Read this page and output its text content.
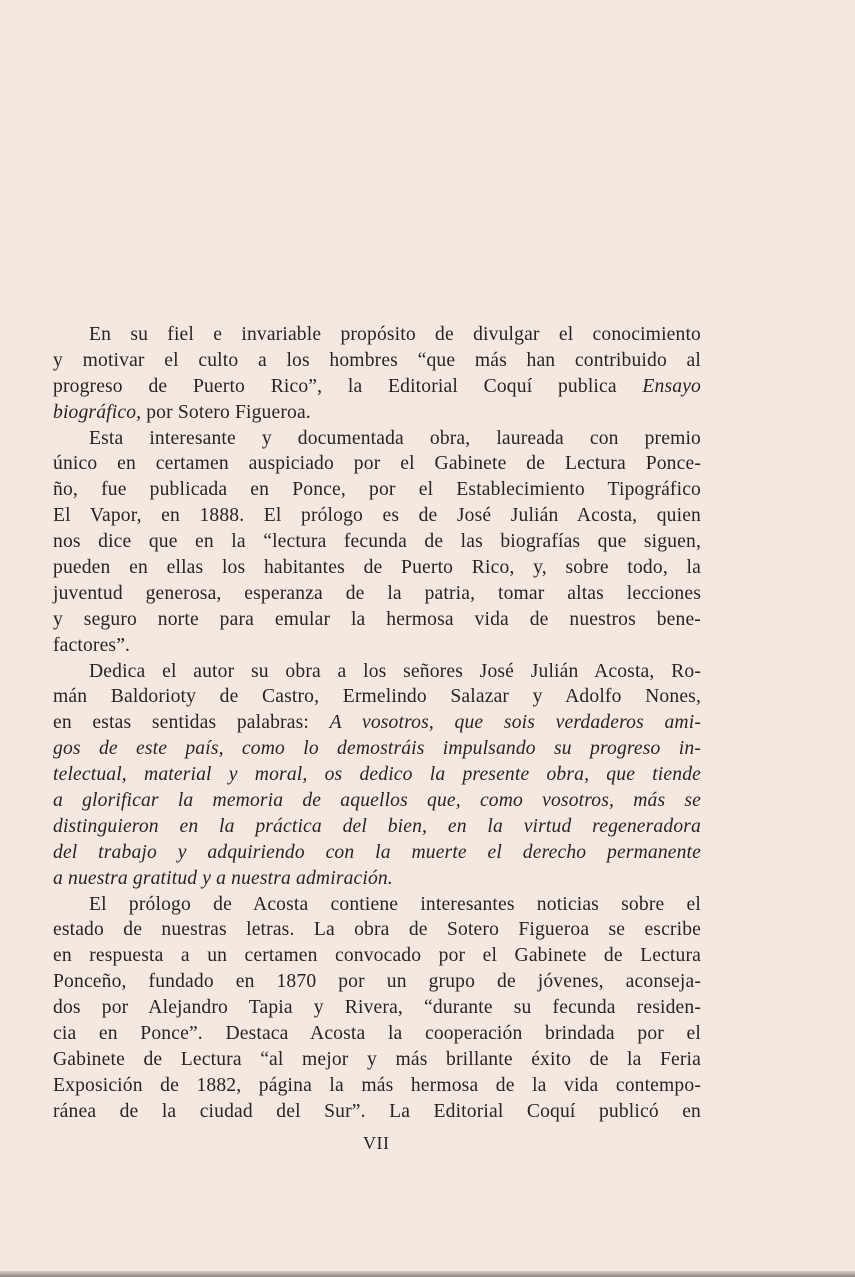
En su fiel e invariable propósito de divulgar el conocimiento
y motivar el culto a los hombres “que más han contribuido al
progreso de Puerto Rico”, la Editorial Coquí publica Ensayo
biográfico, por Sotero Figueroa.
Esta interesante y documentada obra, laureada con premio
único en certamen auspiciado por el Gabinete de Lectura Ponce-
ño, fue publicada en Ponce, por el Establecimiento Tipográfico
El Vapor, en 1888. El prólogo es de José Julián Acosta, quien
nos dice que en la “lectura fecunda de las biografías que siguen,
pueden en ellas los habitantes de Puerto Rico, y, sobre todo, la
juventud generosa, esperanza de la patria, tomar altas lecciones
y seguro norte para emular la hermosa vida de nuestros bene-
factores”.
Dedica el autor su obra a los señores José Julián Acosta, Ro-
mán Baldorioty de Castro, Ermelindo Salazar y Adolfo Nones,
en estas sentidas palabras: A vosotros, que sois verdaderos ami-
gos de este país, como lo demostráis impulsando su progreso in-
telectual, material y moral, os dedico la presente obra, que tiende
a glorificar la memoria de aquellos que, como vosotros, más se
distinguieron en la práctica del bien, en la virtud regeneradora
del trabajo y adquiriendo con la muerte el derecho permanente
a nuestra gratitud y a nuestra admiración.
El prólogo de Acosta contiene interesantes noticias sobre el
estado de nuestras letras. La obra de Sotero Figueroa se escribe
en respuesta a un certamen convocado por el Gabinete de Lectura
Ponceño, fundado en 1870 por un grupo de jóvenes, aconseja-
dos por Alejandro Tapia y Rivera, “durante su fecunda residen-
cia en Ponce”. Destaca Acosta la cooperación brindada por el
Gabinete de Lectura “al mejor y más brillante éxito de la Feria
Exposición de 1882, página la más hermosa de la vida contempo-
ránea de la ciudad del Sur”. La Editorial Coquí publicó en
VII
